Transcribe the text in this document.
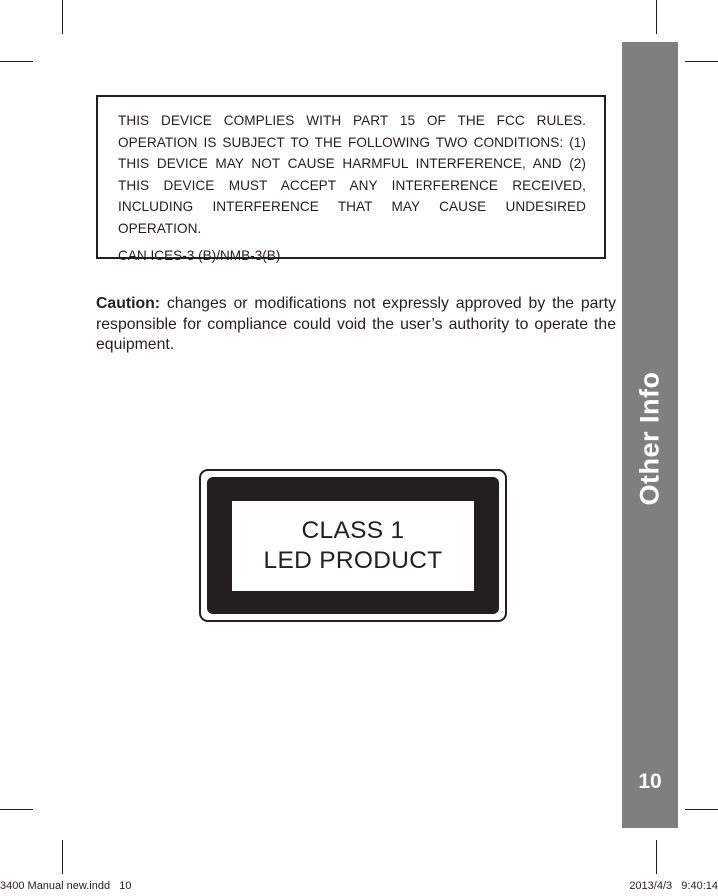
THIS DEVICE COMPLIES WITH PART 15 OF THE FCC RULES. OPERATION IS SUBJECT TO THE FOLLOWING TWO CONDITIONS: (1) THIS DEVICE MAY NOT CAUSE HARMFUL INTERFERENCE, AND (2) THIS DEVICE MUST ACCEPT ANY INTERFERENCE RECEIVED, INCLUDING INTERFERENCE THAT MAY CAUSE UNDESIRED OPERATION.

CAN ICES-3 (B)/NMB-3(B)

Caution: changes or modifications not expressly approved by the party responsible for compliance could void the user’s authority to operate the equipment.

CLASS 1
LED PRODUCT
Other Info
10
3400 Manual new.indd   10	2013/4/3   9:40:14
